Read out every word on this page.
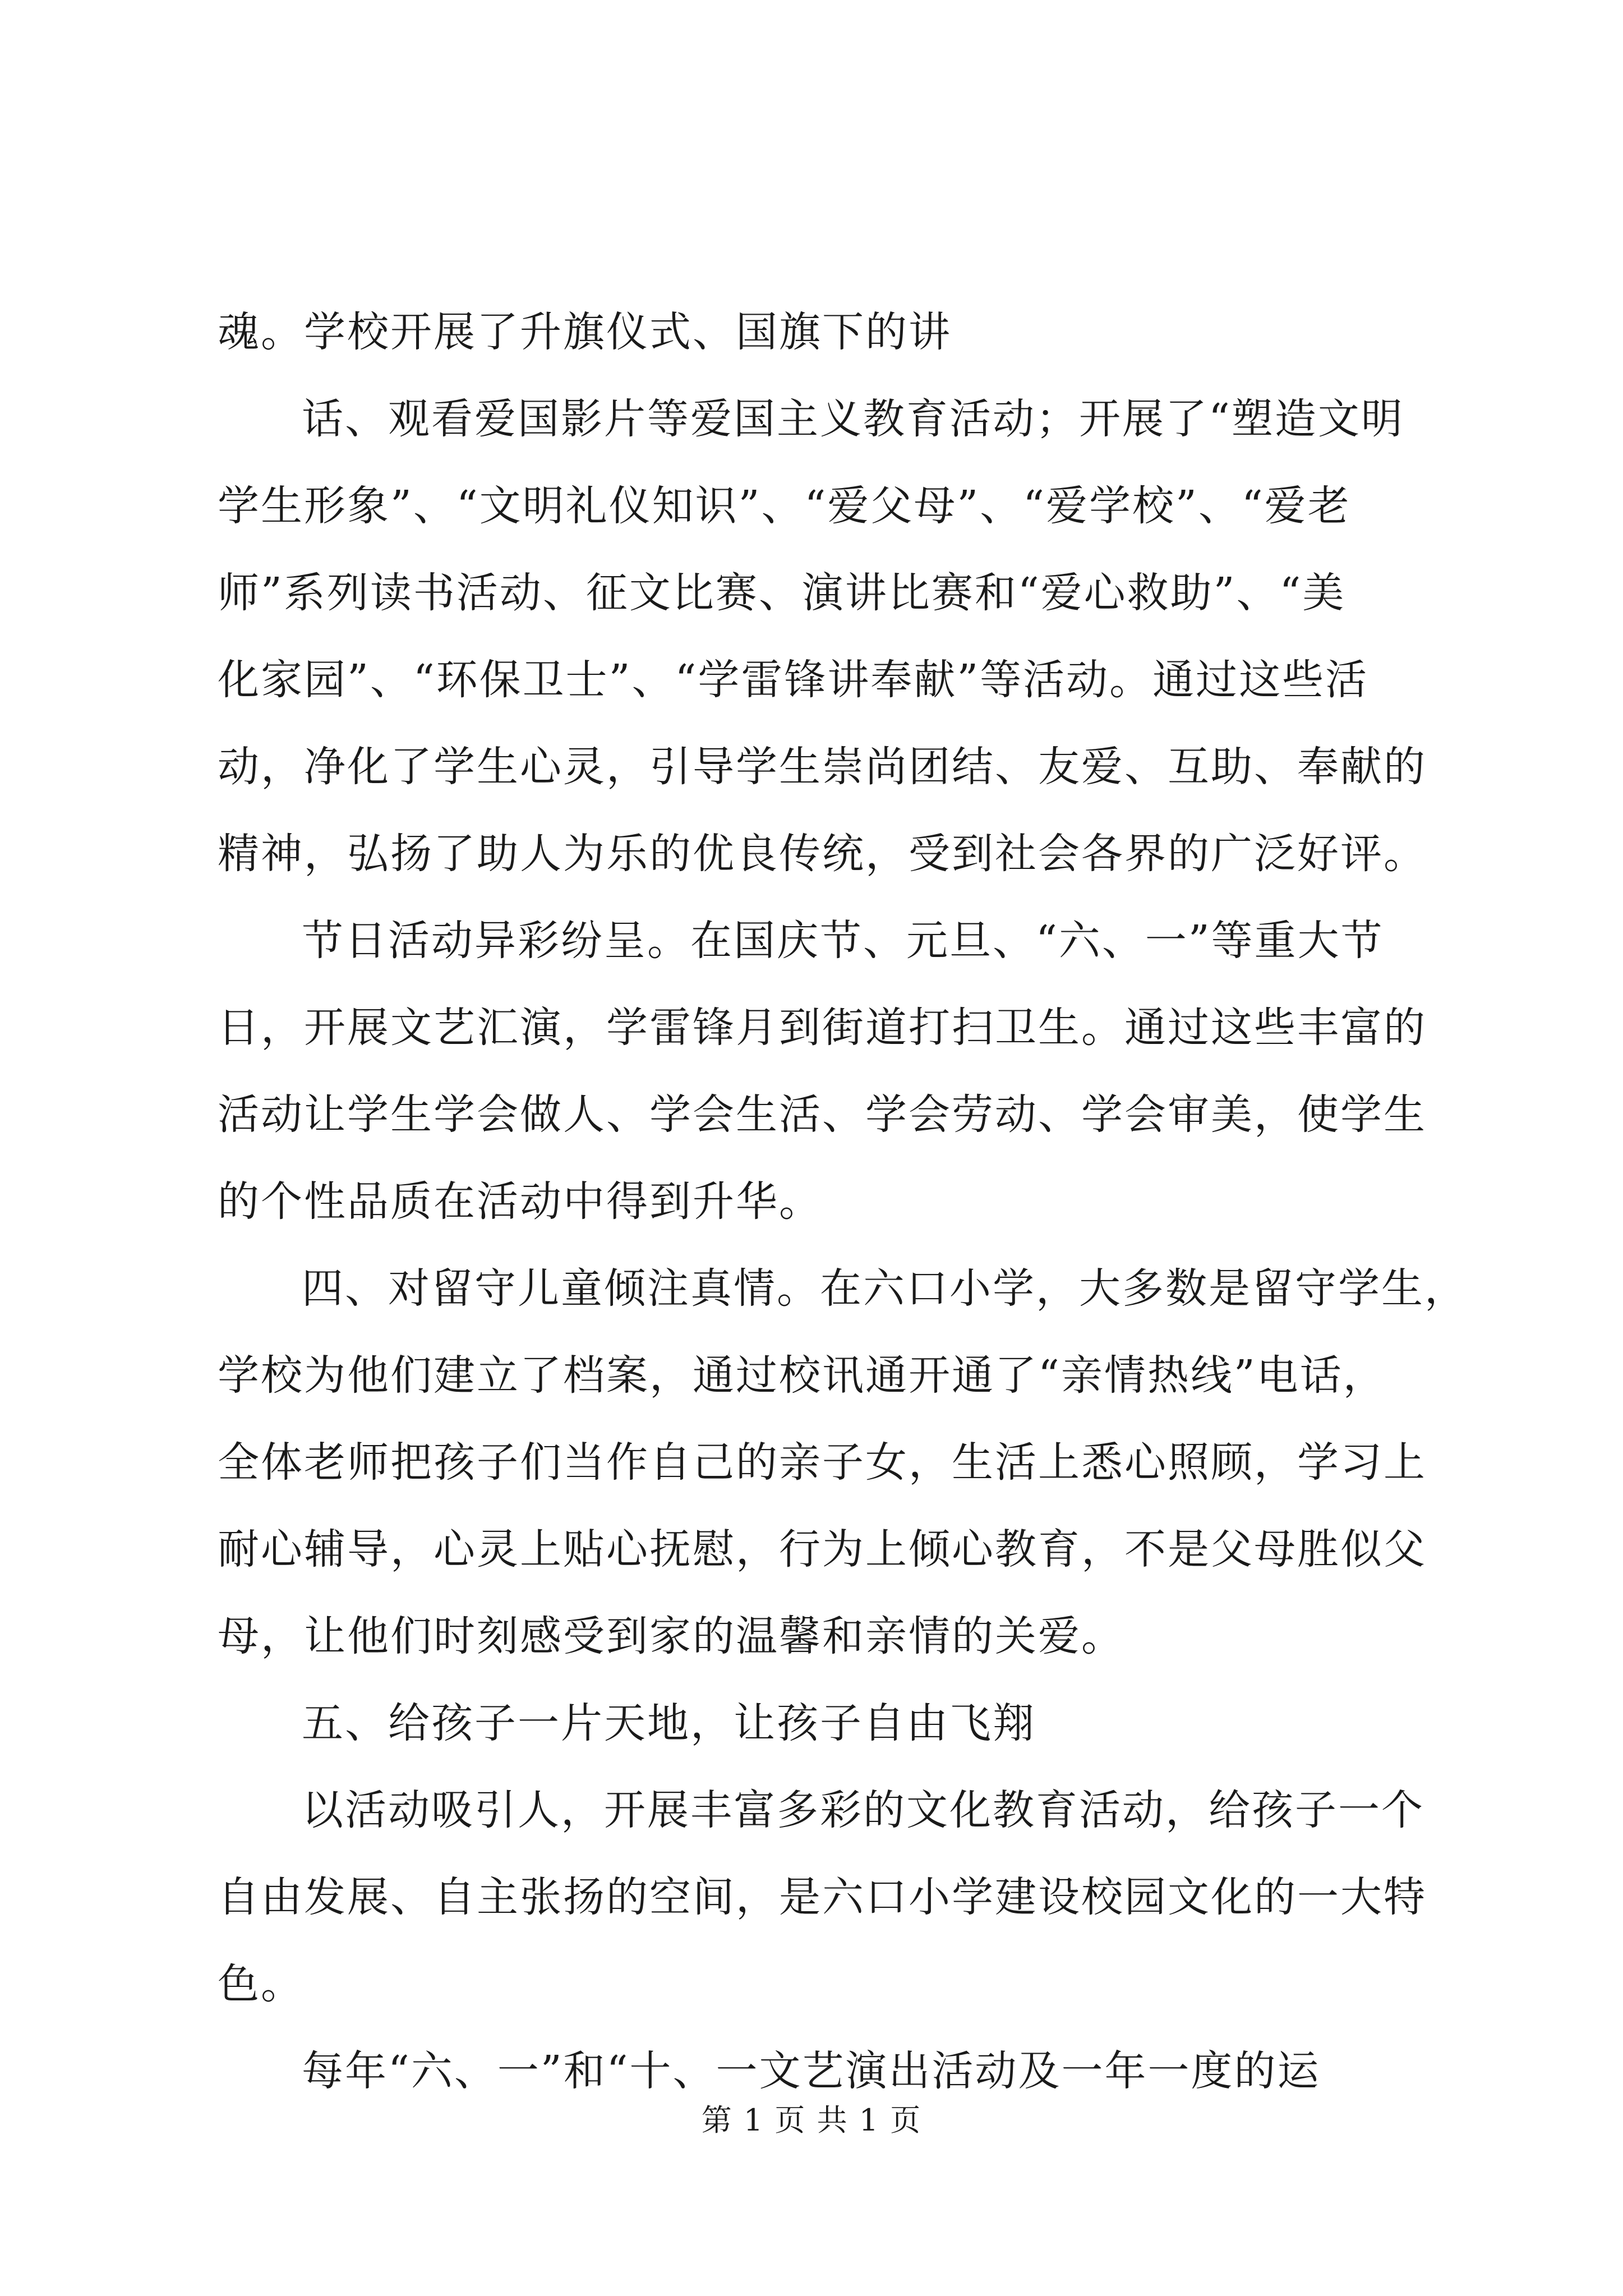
魂。学校开展了升旗仪式、国旗下的讲
话、观看爱国影片等爱国主义教育活动；开展了“塑造文明
学生形象”、“文明礼仪知识”、“爱父母”、“爱学校”、“爱老
师”系列读书活动、征文比赛、演讲比赛和“爱心救助”、“美
化家园”、“环保卫士”、“学雷锋讲奉献”等活动。通过这些活
动，净化了学生心灵，引导学生崇尚团结、友爱、互助、奉献的
精神，弘扬了助人为乐的优良传统，受到社会各界的广泛好评。
节日活动异彩纷呈。在国庆节、元旦、“六、一”等重大节
日，开展文艺汇演，学雷锋月到街道打扫卫生。通过这些丰富的
活动让学生学会做人、学会生活、学会劳动、学会审美，使学生
的个性品质在活动中得到升华。
四、对留守儿童倾注真情。在六口小学，大多数是留守学生，
学校为他们建立了档案，通过校讯通开通了“亲情热线”电话，
全体老师把孩子们当作自己的亲子女，生活上悉心照顾，学习上
耐心辅导，心灵上贴心抚慰，行为上倾心教育，不是父母胜似父
母，让他们时刻感受到家的温馨和亲情的关爱。
五、给孩子一片天地，让孩子自由飞翔
以活动吸引人，开展丰富多彩的文化教育活动，给孩子一个
自由发展、自主张扬的空间，是六口小学建设校园文化的一大特
色。
每年“六、一”和“十、一文艺演出活动及一年一度的运
第 1 页 共 1 页
